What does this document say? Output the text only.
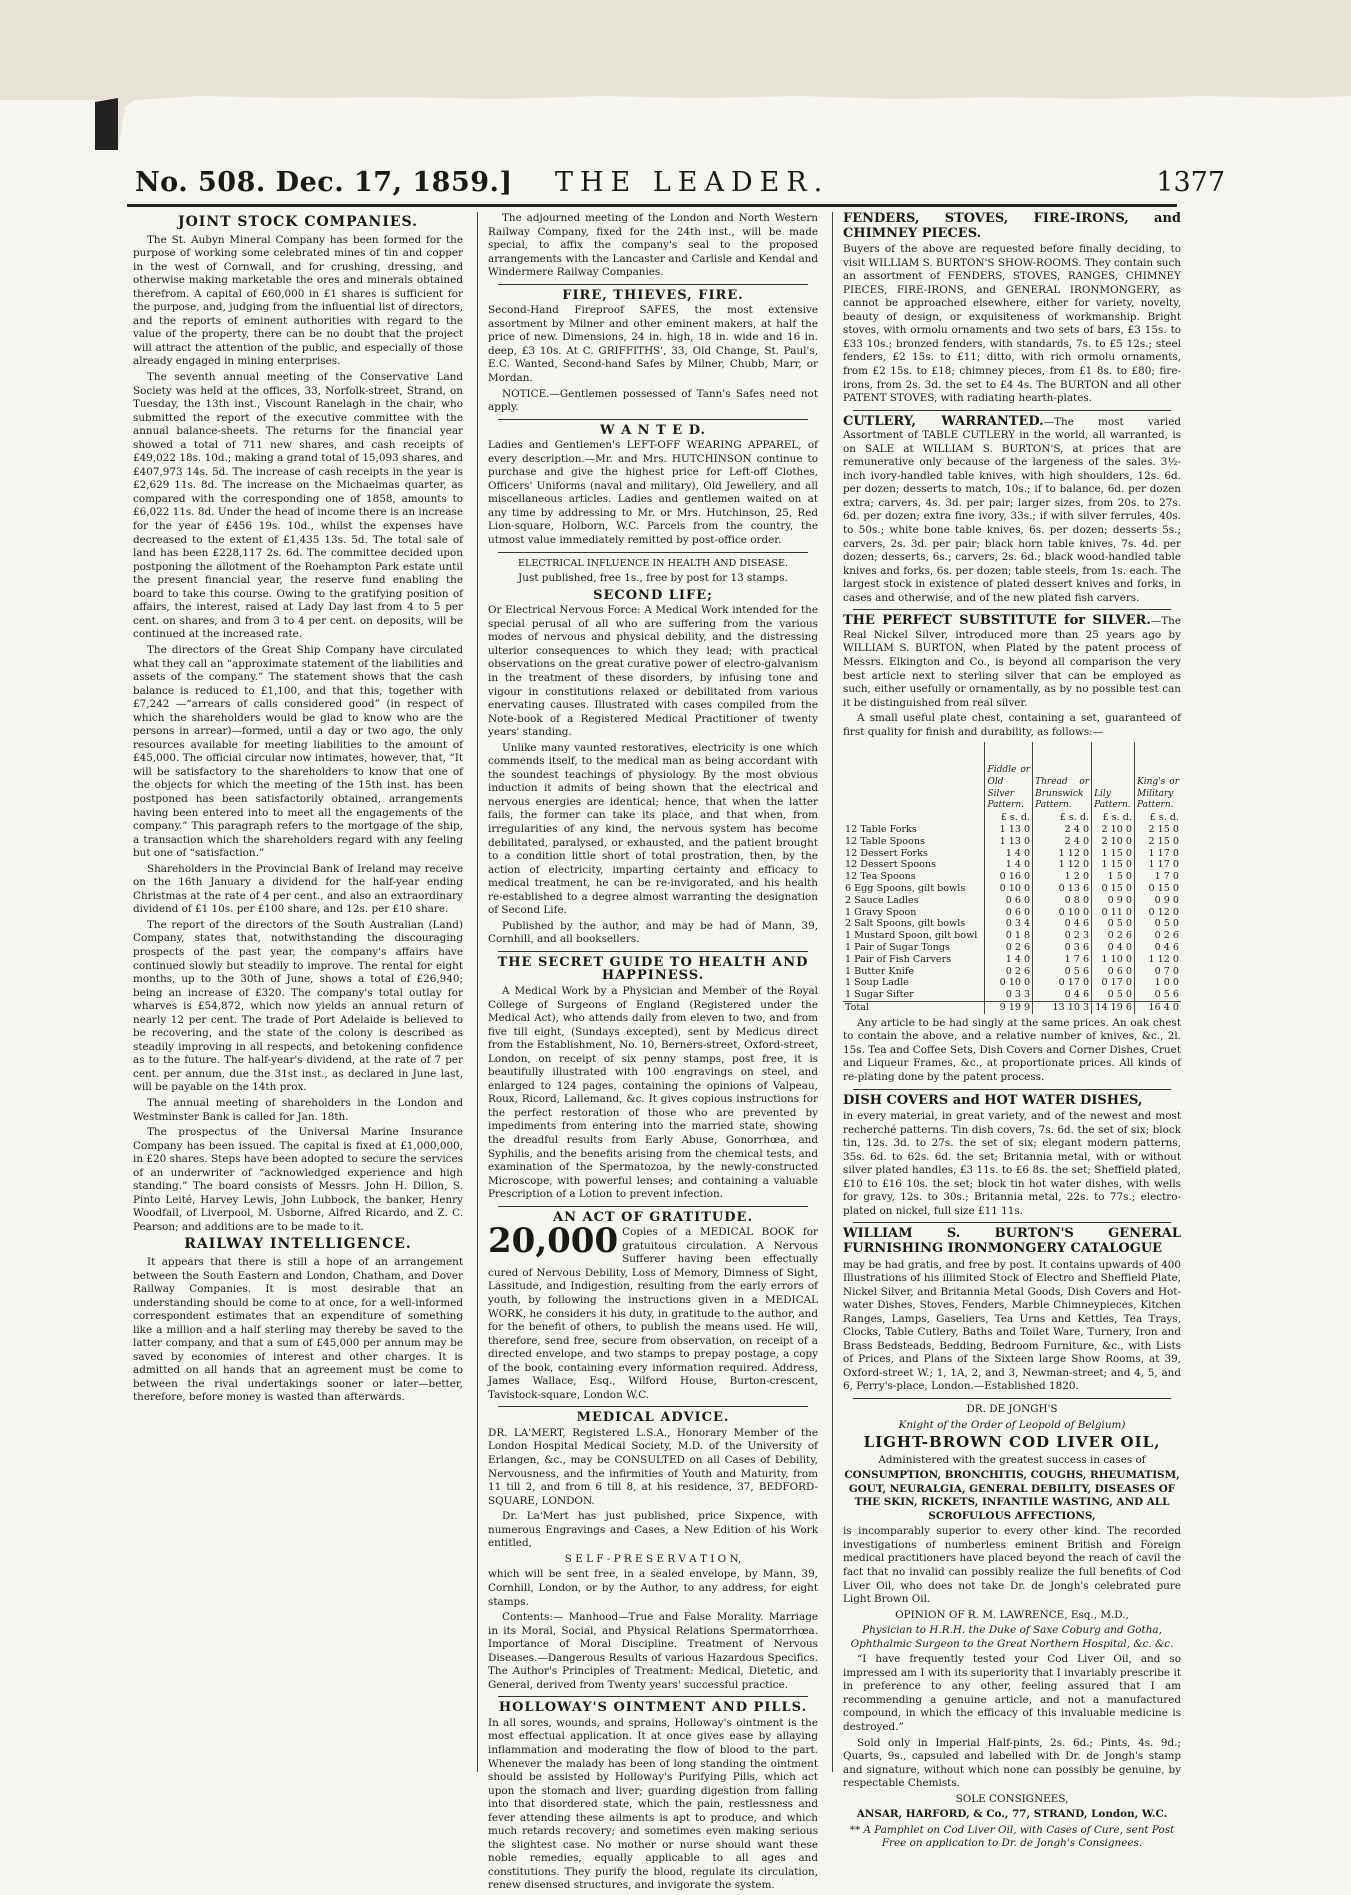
No. 508. Dec. 17, 1859.] THE LEADER.	1377
JOINT STOCK COMPANIES.

The St. Aubyn Mineral Company has been formed for the purpose of working some celebrated mines of tin and copper in the west of Cornwall, and for crushing, dressing, and otherwise making marketable the ores and minerals obtained therefrom. A capital of £60,000 in £1 shares is sufficient for the purpose, and, judging from the influential list of directors, and the reports of eminent authorities with regard to the value of the property, there can be no doubt that the project will attract the attention of the public, and especially of those already engaged in mining enterprises.

The seventh annual meeting of the Conservative Land Society was held at the offices, 33, Norfolk-street, Strand, on Tuesday, the 13th inst., Viscount Ranelagh in the chair, who submitted the report of the executive committee with the annual balance-sheets. The returns for the financial year showed a total of 711 new shares, and cash receipts of £49,022 18s. 10d.; making a grand total of 15,093 shares, and £407,973 14s. 5d. The increase of cash receipts in the year is £2,629 11s. 8d. The increase on the Michaelmas quarter, as compared with the corresponding one of 1858, amounts to £6,022 11s. 8d. Under the head of income there is an increase for the year of £456 19s. 10d., whilst the expenses have decreased to the extent of £1,435 13s. 5d. The total sale of land has been £228,117 2s. 6d. The committee decided upon postponing the allotment of the Roehampton Park estate until the present financial year, the reserve fund enabling the board to take this course. Owing to the gratifying position of affairs, the interest, raised at Lady Day last from 4 to 5 per cent. on shares, and from 3 to 4 per cent. on deposits, will be continued at the increased rate.

The directors of the Great Ship Company have circulated what they call an “approximate statement of the liabilities and assets of the company.” The statement shows that the cash balance is reduced to £1,100, and that this, together with £7,242 —“arrears of calls considered good” (in respect of which the shareholders would be glad to know who are the persons in arrear)—formed, until a day or two ago, the only resources available for meeting liabilities to the amount of £45,000. The official circular now intimates, however, that, “It will be satisfactory to the shareholders to know that one of the objects for which the meeting of the 15th inst. has been postponed has been satisfactorily obtained, arrangements having been entered into to meet all the engagements of the company.” This paragraph refers to the mortgage of the ship, a transaction which the shareholders regard with any feeling but one of “satisfaction.”

Shareholders in the Provincial Bank of Ireland may receive on the 16th January a dividend for the half-year ending Christmas at the rate of 4 per cent., and also an extraordinary dividend of £1 10s. per £100 share, and 12s. per £10 share.

The report of the directors of the South Australian (Land) Company, states that, notwithstanding the discouraging prospects of the past year, the company's affairs have continued slowly but steadily to improve. The rental for eight months, up to the 30th of June, shows a total of £26,940; being an increase of £320. The company's total outlay for wharves is £54,872, which now yields an annual return of nearly 12 per cent. The trade of Port Adelaide is believed to be recovering, and the state of the colony is described as steadily improving in all respects, and betokening confidence as to the future. The half-year's dividend, at the rate of 7 per cent. per annum, due the 31st inst., as declared in June last, will be payable on the 14th prox.

The annual meeting of shareholders in the London and Westminster Bank is called for Jan. 18th.

The prospectus of the Universal Marine Insurance Company has been issued. The capital is fixed at £1,000,000, in £20 shares. Steps have been adopted to secure the services of an underwriter of “acknowledged experience and high standing.” The board consists of Messrs. John H. Dillon, S. Pinto Leité, Harvey Lewis, John Lubbock, the banker, Henry Woodfall, of Liverpool, M. Usborne, Alfred Ricardo, and Z. C. Pearson; and additions are to be made to it.

RAILWAY INTELLIGENCE.

It appears that there is still a hope of an arrangement between the South Eastern and London, Chatham, and Dover Railway Companies. It is most desirable that an understanding should be come to at once, for a well-informed correspondent estimates that an expenditure of something like a million and a half sterling may thereby be saved to the latter company, and that a sum of £45,000 per annum may be saved by economies of interest and other charges. It is admitted on all hands that an agreement must be come to between the rival undertakings sooner or later—better, therefore, before money is wasted than afterwards.

The adjourned meeting of the London and North Western Railway Company, fixed for the 24th inst., will be made special, to affix the company's seal to the proposed arrangements with the Lancaster and Carlisle and Kendal and Windermere Railway Companies.

FIRE, THIEVES, FIRE.

Second-Hand Fireproof SAFES, the most extensive assortment by Milner and other eminent makers, at half the price of new. Dimensions, 24 in. high, 18 in. wide and 16 in. deep, £3 10s. At C. GRIFFITHS', 33, Old Change, St. Paul's, E.C. Wanted, Second-hand Safes by Milner, Chubb, Marr, or Mordan.

NOTICE.—Gentlemen possessed of Tann's Safes need not apply.

W A N T E D.

Ladies and Gentlemen's LEFT-OFF WEARING APPAREL, of every description.—Mr. and Mrs. HUTCHINSON continue to purchase and give the highest price for Left-off Clothes, Officers' Uniforms (naval and military), Old Jewellery, and all miscellaneous articles. Ladies and gentlemen waited on at any time by addressing to Mr. or Mrs. Hutchinson, 25, Red Lion-square, Holborn, W.C. Parcels from the country, the utmost value immediately remitted by post-office order.

ELECTRICAL INFLUENCE IN HEALTH AND DISEASE.

Just published, free 1s., free by post for 13 stamps.

SECOND LIFE;

Or Electrical Nervous Force: A Medical Work intended for the special perusal of all who are suffering from the various modes of nervous and physical debility, and the distressing ulterior consequences to which they lead; with practical observations on the great curative power of electro-galvanism in the treatment of these disorders, by infusing tone and vigour in constitutions relaxed or debilitated from various enervating causes. Illustrated with cases compiled from the Note-book of a Registered Medical Practitioner of twenty years' standing.

Unlike many vaunted restoratives, electricity is one which commends itself, to the medical man as being accordant with the soundest teachings of physiology. By the most obvious induction it admits of being shown that the electrical and nervous energies are identical; hence, that when the latter fails, the former can take its place, and that when, from irregularities of any kind, the nervous system has become debilitated, paralysed, or exhausted, and the patient brought to a condition little short of total prostration, then, by the action of electricity, imparting certainty and efficacy to medical treatment, he can be re-invigorated, and his health re-established to a degree almost warranting the designation of Second Life.

Published by the author, and may be had of Mann, 39, Cornhill, and all booksellers.

THE SECRET GUIDE TO HEALTH AND HAPPINESS.

A Medical Work by a Physician and Member of the Royal College of Surgeons of England (Registered under the Medical Act), who attends daily from eleven to two, and from five till eight, (Sundays excepted), sent by Medicus direct from the Establishment, No. 10, Berners-street, Oxford-street, London, on receipt of six penny stamps, post free, it is beautifully illustrated with 100 engravings on steel, and enlarged to 124 pages, containing the opinions of Valpeau, Roux, Ricord, Lallemand, &c. It gives copious instructions for the perfect restoration of those who are prevented by impediments from entering into the married state, showing the dreadful results from Early Abuse, Gonorrhœa, and Syphilis, and the benefits arising from the chemical tests, and examination of the Spermatozoa, by the newly-constructed Microscope, with powerful lenses; and containing a valuable Prescription of a Lotion to prevent infection.

AN ACT OF GRATITUDE.

20,000 Copies of a MEDICAL BOOK for gratuitous circulation. A Nervous Sufferer having been effectually cured of Nervous Debility, Loss of Memory, Dimness of Sight, Lassitude, and Indigestion, resulting from the early errors of youth, by following the instructions given in a MEDICAL WORK, he considers it his duty, in gratitude to the author, and for the benefit of others, to publish the means used. He will, therefore, send free, secure from observation, on receipt of a directed envelope, and two stamps to prepay postage, a copy of the book, containing every information required. Address, James Wallace, Esq., Wilford House, Burton-crescent, Tavistock-square, London W.C.

MEDICAL ADVICE.

DR. LA'MERT, Registered L.S.A., Honorary Member of the London Hospital Medical Society, M.D. of the University of Erlangen, &c., may be CONSULTED on all Cases of Debility, Nervousness, and the infirmities of Youth and Maturity, from 11 till 2, and from 6 till 8, at his residence, 37, BEDFORD-SQUARE, LONDON.

Dr. La'Mert has just published, price Sixpence, with numerous Engravings and Cases, a New Edition of his Work entitled,

S E L F - P R E S E R V A T I O N,

which will be sent free, in a sealed envelope, by Mann, 39, Cornhill, London, or by the Author, to any address, for eight stamps.

Contents:— Manhood—True and False Morality. Marriage in its Moral, Social, and Physical Relations Spermatorrhœa. Importance of Moral Discipline. Treatment of Nervous Diseases.—Dangerous Results of various Hazardous Specifics. The Author's Principles of Treatment: Medical, Dietetic, and General, derived from Twenty years' successful practice.

HOLLOWAY'S OINTMENT AND PILLS.

In all sores, wounds, and sprains, Holloway's ointment is the most effectual application. It at once gives ease by allaying inflammation and moderating the flow of blood to the part. Whenever the malady has been of long standing the ointment should be assisted by Holloway's Purifying Pills, which act upon the stomach and liver; guarding digestion from falling into that disordered state, which the pain, restlessness and fever attending these ailments is apt to produce, and which much retards recovery; and sometimes even making serious the slightest case. No mother or nurse should want these noble remedies, equally applicable to all ages and constitutions. They purify the blood, regulate its circulation, renew disensed structures, and invigorate the system.

FENDERS, STOVES, FIRE-IRONS, and CHIMNEY PIECES.

Buyers of the above are requested before finally deciding, to visit WILLIAM S. BURTON'S SHOW-ROOMS. They contain such an assortment of FENDERS, STOVES, RANGES, CHIMNEY PIECES, FIRE-IRONS, and GENERAL IRONMONGERY, as cannot be approached elsewhere, either for variety, novelty, beauty of design, or exquisiteness of workmanship. Bright stoves, with ormolu ornaments and two sets of bars, £3 15s. to £33 10s.; bronzed fenders, with standards, 7s. to £5 12s.; steel fenders, £2 15s. to £11; ditto, with rich ormolu ornaments, from £2 15s. to £18; chimney pieces, from £1 8s. to £80; fire-irons, from 2s. 3d. the set to £4 4s. The BURTON and all other PATENT STOVES, with radiating hearth-plates.

CUTLERY, WARRANTED.—The most varied Assortment of TABLE CUTLERY in the world, all warranted, is on SALE at WILLIAM S. BURTON'S, at prices that are remunerative only because of the largeness of the sales. 3½-inch ivory-handled table knives, with high shoulders, 12s. 6d. per dozen; desserts to match, 10s.; if to balance, 6d. per dozen extra; carvers, 4s. 3d. per pair; larger sizes, from 20s. to 27s. 6d. per dozen; extra fine ivory, 33s.; if with silver ferrules, 40s. to 50s.; white bone table knives, 6s. per dozen; desserts 5s.; carvers, 2s. 3d. per pair; black horn table knives, 7s. 4d. per dozen; desserts, 6s.; carvers, 2s. 6d.; black wood-handled table knives and forks, 6s. per dozen; table steels, from 1s. each. The largest stock in existence of plated dessert knives and forks, in cases and otherwise, and of the new plated fish carvers.

THE PERFECT SUBSTITUTE for SILVER.—The Real Nickel Silver, introduced more than 25 years ago by WILLIAM S. BURTON, when Plated by the patent process of Messrs. Elkington and Co., is beyond all comparison the very best article next to sterling silver that can be employed as such, either usefully or ornamentally, as by no possible test can it be distinguished from real silver.

A small useful plate chest, containing a set, guaranteed of first quality for finish and durability, as follows:—

	Fiddle or Old Silver Pattern.	Thread or Brunswick Pattern.	Lily Pattern.	King's or Military Pattern.
	£ s. d.	£ s. d.	£ s. d.	£ s. d.
12 Table Forks	1 13 0	2 4 0	2 10 0	2 15 0
12 Table Spoons	1 13 0	2 4 0	2 10 0	2 15 0
12 Dessert Forks	1 4 0	1 12 0	1 15 0	1 17 0
12 Dessert Spoons	1 4 0	1 12 0	1 15 0	1 17 0
12 Tea Spoons	0 16 0	1 2 0	1 5 0	1 7 0
6 Egg Spoons, gilt bowls	0 10 0	0 13 6	0 15 0	0 15 0
2 Sauce Ladles	0 6 0	0 8 0	0 9 0	0 9 0
1 Gravy Spoon	0 6 0	0 10 0	0 11 0	0 12 0
2 Salt Spoons, gilt bowls	0 3 4	0 4 6	0 5 0	0 5 0
1 Mustard Spoon, gilt bowl	0 1 8	0 2 3	0 2 6	0 2 6
1 Pair of Sugar Tongs	0 2 6	0 3 6	0 4 0	0 4 6
1 Pair of Fish Carvers	1 4 0	1 7 6	1 10 0	1 12 0
1 Butter Knife	0 2 6	0 5 6	0 6 0	0 7 0
1 Soup Ladle	0 10 0	0 17 0	0 17 0	1 0 0
1 Sugar Sifter	0 3 3	0 4 6	0 5 0	0 5 6
Total	9 19 9	13 10 3	14 19 6	16 4 0

Any article to be had singly at the same prices. An oak chest to contain the above, and a relative number of knives, &c., 2l. 15s. Tea and Coffee Sets, Dish Covers and Corner Dishes, Cruet and Liqueur Frames, &c., at proportionate prices. All kinds of re-plating done by the patent process.

DISH COVERS and HOT WATER DISHES,

in every material, in great variety, and of the newest and most recherché patterns. Tin dish covers, 7s. 6d. the set of six; block tin, 12s. 3d. to 27s. the set of six; elegant modern patterns, 35s. 6d. to 62s. 6d. the set; Britannia metal, with or without silver plated handles, £3 11s. to £6 8s. the set; Sheffield plated, £10 to £16 10s. the set; block tin hot water dishes, with wells for gravy, 12s. to 30s.; Britannia metal, 22s. to 77s.; electro-plated on nickel, full size £11 11s.

WILLIAM S. BURTON'S GENERAL FURNISHING IRONMONGERY CATALOGUE

may be had gratis, and free by post. It contains upwards of 400 Illustrations of his illimited Stock of Electro and Sheffield Plate, Nickel Silver, and Britannia Metal Goods, Dish Covers and Hot-water Dishes, Stoves, Fenders, Marble Chimneypieces, Kitchen Ranges, Lamps, Gaseliers, Tea Urns and Kettles, Tea Trays, Clocks, Table Cutlery, Baths and Toilet Ware, Turnery, Iron and Brass Bedsteads, Bedding, Bedroom Furniture, &c., with Lists of Prices, and Plans of the Sixteen large Show Rooms, at 39, Oxford-street W.; 1, 1A, 2, and 3, Newman-street; and 4, 5, and 6, Perry's-place, London.—Established 1820.

DR. DE JONGH'S

Knight of the Order of Leopold of Belgium)

LIGHT-BROWN COD LIVER OIL,

Administered with the greatest success in cases of

CONSUMPTION, BRONCHITIS, COUGHS, RHEUMATISM, GOUT, NEURALGIA, GENERAL DEBILITY, DISEASES OF THE SKIN, RICKETS, INFANTILE WASTING, AND ALL SCROFULOUS AFFECTIONS,

is incomparably superior to every other kind. The recorded investigations of numberless eminent British and Foreign medical practitioners have placed beyond the reach of cavil the fact that no invalid can possibly realize the full benefits of Cod Liver Oil, who does not take Dr. de Jongh's celebrated pure Light Brown Oil.

OPINION OF R. M. LAWRENCE, Esq., M.D.,

Physician to H.R.H. the Duke of Saxe Coburg and Gotha, Ophthalmic Surgeon to the Great Northern Hospital, &c. &c.

“I have frequently tested your Cod Liver Oil, and so impressed am I with its superiority that I invariably prescribe it in preference to any other, feeling assured that I am recommending a genuine article, and not a manufactured compound, in which the efficacy of this invaluable medicine is destroyed.”

Sold only in Imperial Half-pints, 2s. 6d.; Pints, 4s. 9d.; Quarts, 9s., capsuled and labelled with Dr. de Jongh's stamp and signature, without which none can possibly be genuine, by respectable Chemists.

SOLE CONSIGNEES,

ANSAR, HARFORD, & Co., 77, STRAND, London, W.C.

** A Pamphlet on Cod Liver Oil, with Cases of Cure, sent Post Free on application to Dr. de Jongh's Consignees.
